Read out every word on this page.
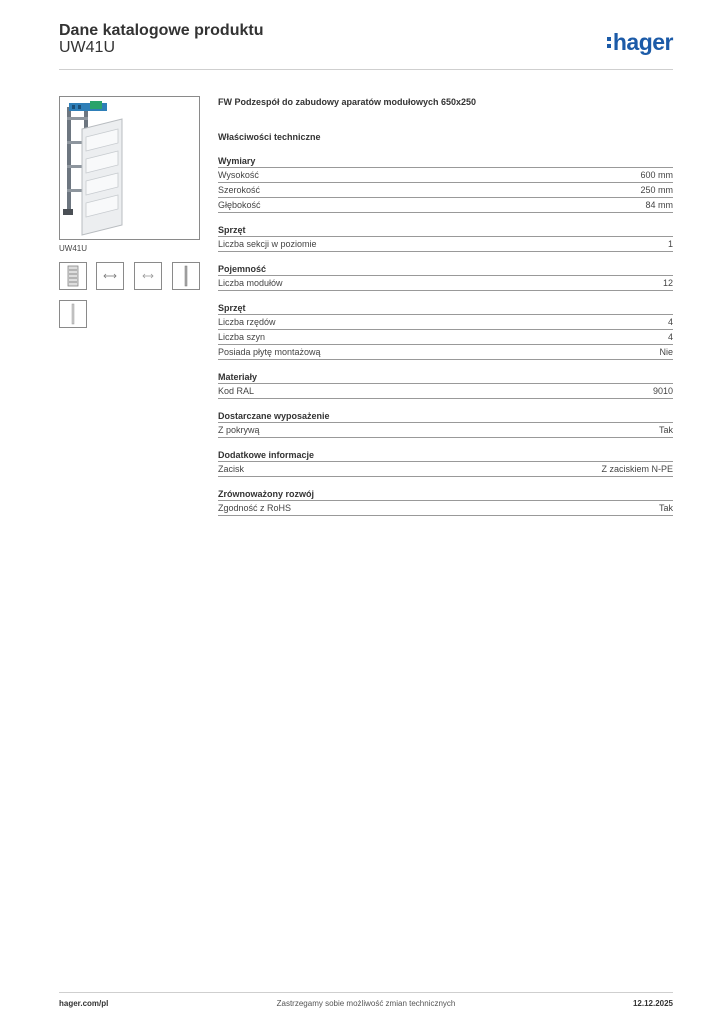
Dane katalogowe produktu
UW41U	hager
UW41U
FW Podzespół do zabudowy aparatów modułowych 650x250
Właściwości techniczne
Wymiary
Wysokość	600 mm
Szerokość	250 mm
Głębokość	84 mm
Sprzęt
Liczba sekcji w poziomie	1
Pojemność
Liczba modułów	12
Sprzęt
Liczba rzędów	4
Liczba szyn	4
Posiada płytę montażową	Nie
Materiały
Kod RAL	9010
Dostarczane wyposażenie
Z pokrywą	Tak
Dodatkowe informacje
Zacisk	Z zaciskiem N-PE
Zrównoważony rozwój
Zgodność z RoHS	Tak
hager.com/pl	Zastrzegamy sobie możliwość zmian technicznych	12.12.2025
